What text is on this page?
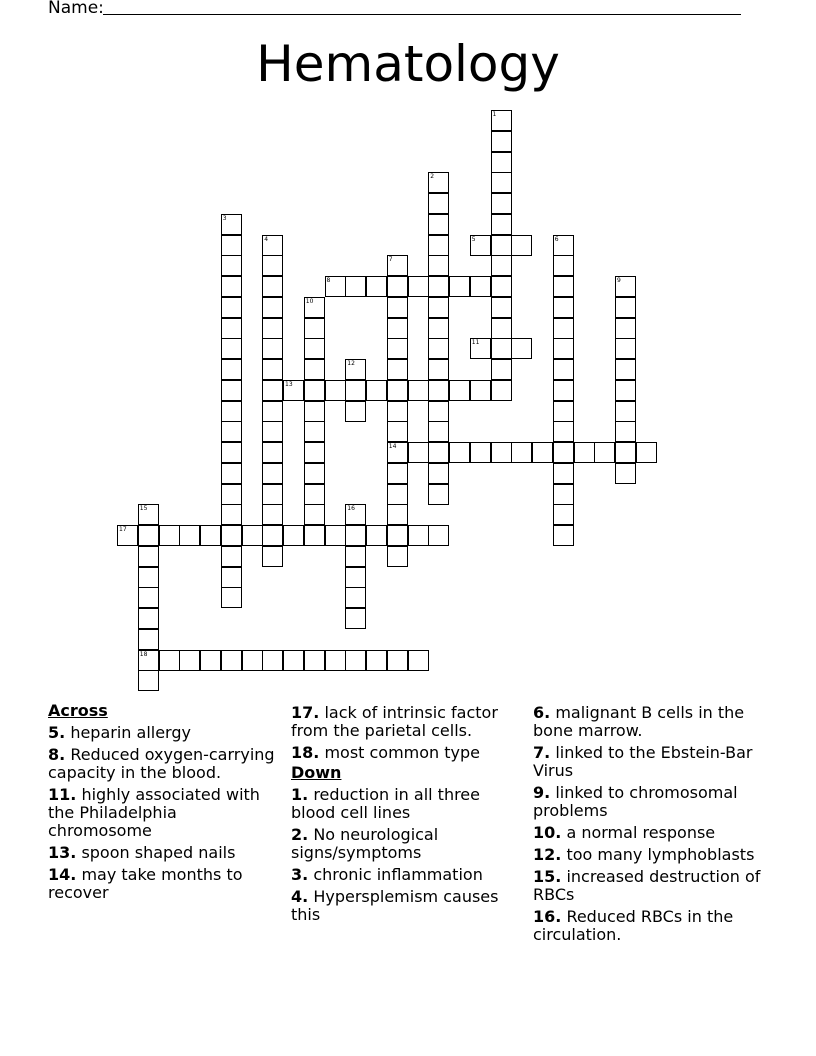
Name:
Hematology
1
2
3
4	5	6
7
14
8	9
10
11
12
13
15
18
16
17
Across
5. heparin allergy
8. Reduced oxygen-carrying capacity in the blood.
11. highly associated with the Philadelphia chromosome
13. spoon shaped nails
14. may take months to recover
17. lack of intrinsic factor from the parietal cells.
18. most common type
Down
1. reduction in all three blood cell lines
2. No neurological signs/symptoms
3. chronic inflammation
4. Hypersplemism causes this
6. malignant B cells in the bone marrow.
7. linked to the Ebstein-Bar Virus
9. linked to chromosomal problems
10. a normal response
12. too many lymphoblasts
15. increased destruction of RBCs
16. Reduced RBCs in the circulation.
